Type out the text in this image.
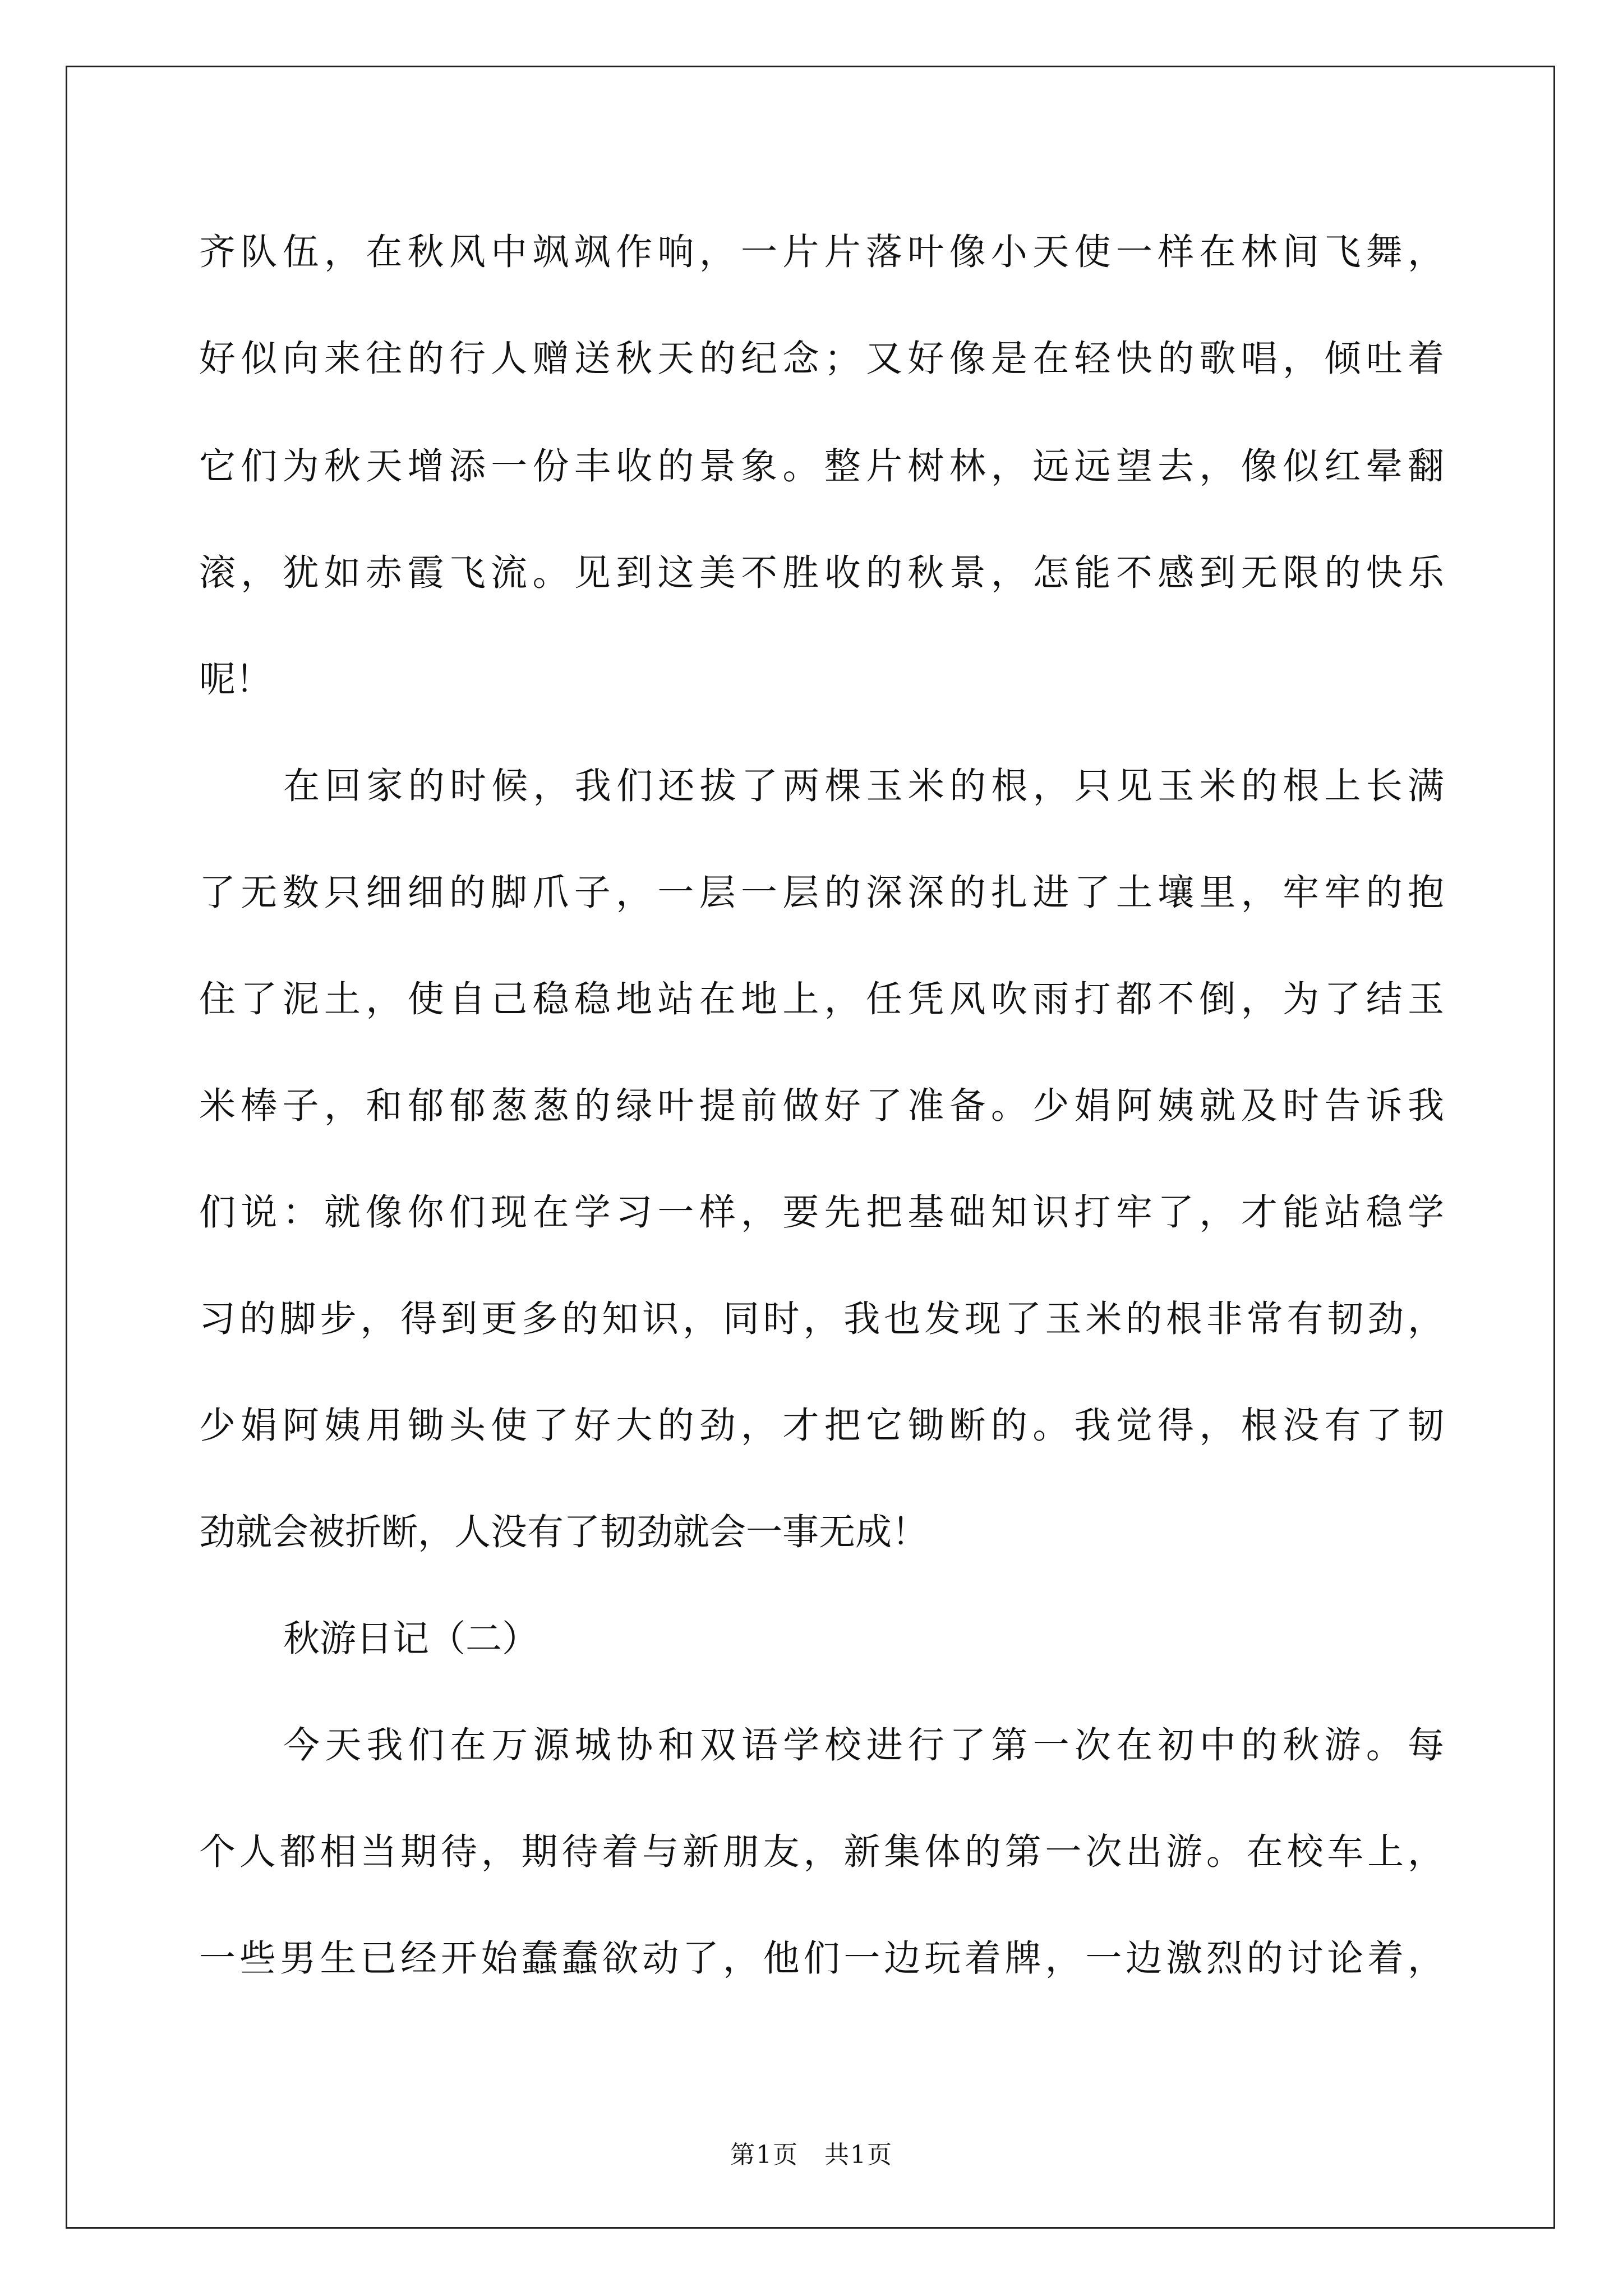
齐队伍，在秋风中飒飒作响，一片片落叶像小天使一样在林间飞舞，
好似向来往的行人赠送秋天的纪念；又好像是在轻快的歌唱，倾吐着
它们为秋天增添一份丰收的景象。整片树林，远远望去，像似红晕翻
滚，犹如赤霞飞流。见到这美不胜收的秋景，怎能不感到无限的快乐
呢！
在回家的时候，我们还拔了两棵玉米的根，只见玉米的根上长满
了无数只细细的脚爪子，一层一层的深深的扎进了土壤里，牢牢的抱
住了泥土，使自己稳稳地站在地上，任凭风吹雨打都不倒，为了结玉
米棒子，和郁郁葱葱的绿叶提前做好了准备。少娟阿姨就及时告诉我
们说：就像你们现在学习一样，要先把基础知识打牢了，才能站稳学
习的脚步，得到更多的知识，同时，我也发现了玉米的根非常有韧劲，
少娟阿姨用锄头使了好大的劲，才把它锄断的。我觉得，根没有了韧
劲就会被折断，人没有了韧劲就会一事无成！
秋游日记（二）
今天我们在万源城协和双语学校进行了第一次在初中的秋游。每
个人都相当期待，期待着与新朋友，新集体的第一次出游。在校车上，
一些男生已经开始蠢蠢欲动了，他们一边玩着牌，一边激烈的讨论着，
第1页　共1页
